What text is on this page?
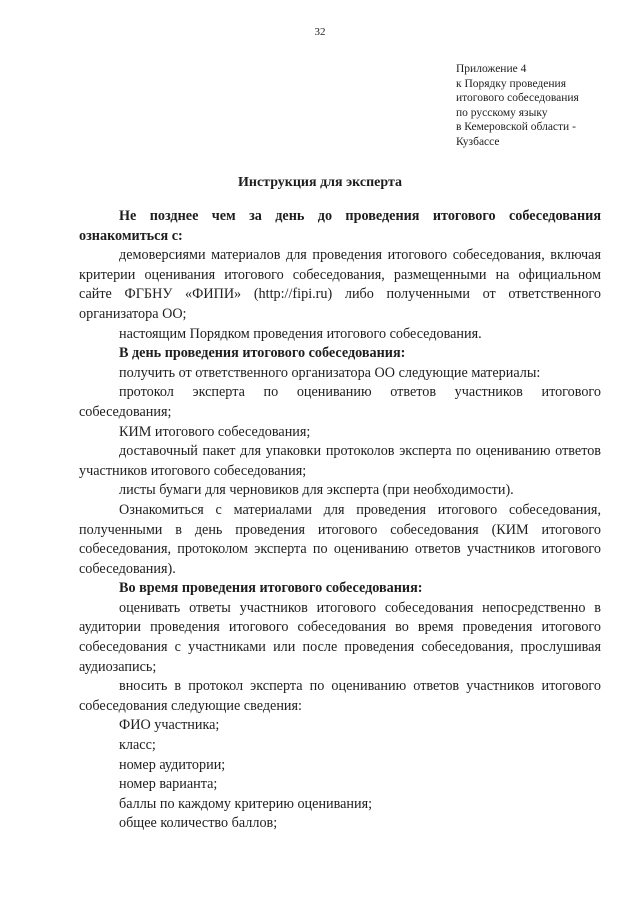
32
Приложение 4
к Порядку проведения
итогового собеседования
по русскому языку
в Кемеровской области -
Кузбассе
Инструкция для эксперта

Не позднее чем за день до проведения итогового собеседования ознакомиться с:

демоверсиями материалов для проведения итогового собеседования, включая критерии оценивания итогового собеседования, размещенными на официальном сайте ФГБНУ «ФИПИ» (http://fipi.ru) либо полученными от ответственного организатора ОО;

настоящим Порядком проведения итогового собеседования.

В день проведения итогового собеседования:

получить от ответственного организатора ОО следующие материалы:

протокол эксперта по оцениванию ответов участников итогового собеседования;

КИМ итогового собеседования;

доставочный пакет для упаковки протоколов эксперта по оцениванию ответов участников итогового собеседования;

листы бумаги для черновиков для эксперта (при необходимости).

Ознакомиться с материалами для проведения итогового собеседования, полученными в день проведения итогового собеседования (КИМ итогового собеседования, протоколом эксперта по оцениванию ответов участников итогового собеседования).

Во время проведения итогового собеседования:

оценивать ответы участников итогового собеседования непосредственно в аудитории проведения итогового собеседования во время проведения итогового собеседования с участниками или после проведения собеседования, прослушивая аудиозапись;

вносить в протокол эксперта по оцениванию ответов участников итогового собеседования следующие сведения:

ФИО участника;

класс;

номер аудитории;

номер варианта;

баллы по каждому критерию оценивания;

общее количество баллов;
